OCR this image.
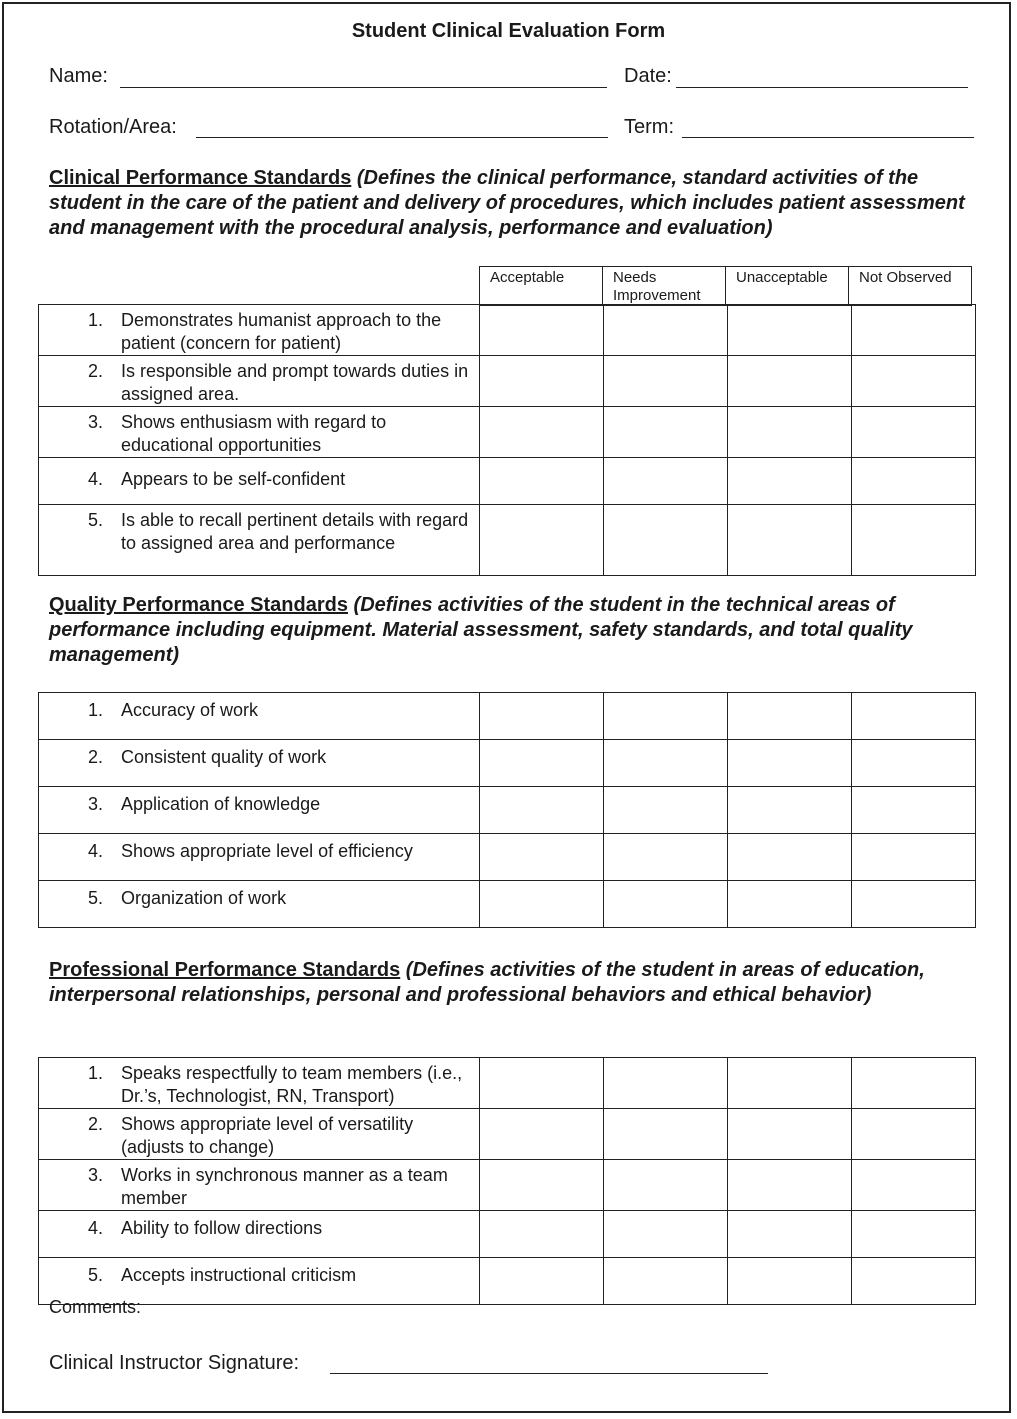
Student Clinical Evaluation Form
Name:	Date:
Rotation/Area:	Term:
Clinical Performance Standards (Defines the clinical performance, standard activities of the student in the care of the patient and delivery of procedures, which includes patient assessment and management with the procedural analysis, performance and evaluation)
Acceptable	Needs Improvement	Unacceptable	Not Observed
1. Demonstrates humanist approach to the patient (concern for patient)				

2. Is responsible and prompt towards duties in assigned area.				

3. Shows enthusiasm with regard to educational opportunities				

4. Appears to be self-confident				

5. Is able to recall pertinent details with regard to assigned area and performance				

Quality Performance Standards (Defines activities of the student in the technical areas of performance including equipment. Material assessment, safety standards, and total quality management)
1. Accuracy of work				

2. Consistent quality of work				

3. Application of knowledge				

4. Shows appropriate level of efficiency				

5. Organization of work				

Professional Performance Standards (Defines activities of the student in areas of education, interpersonal relationships, personal and professional behaviors and ethical behavior)
1. Speaks respectfully to team members (i.e., Dr.’s, Technologist, RN, Transport)				

2. Shows appropriate level of versatility (adjusts to change)				

3. Works in synchronous manner as a team member				

4. Ability to follow directions				

5. Accepts instructional criticism				

Comments:
Clinical Instructor Signature:
